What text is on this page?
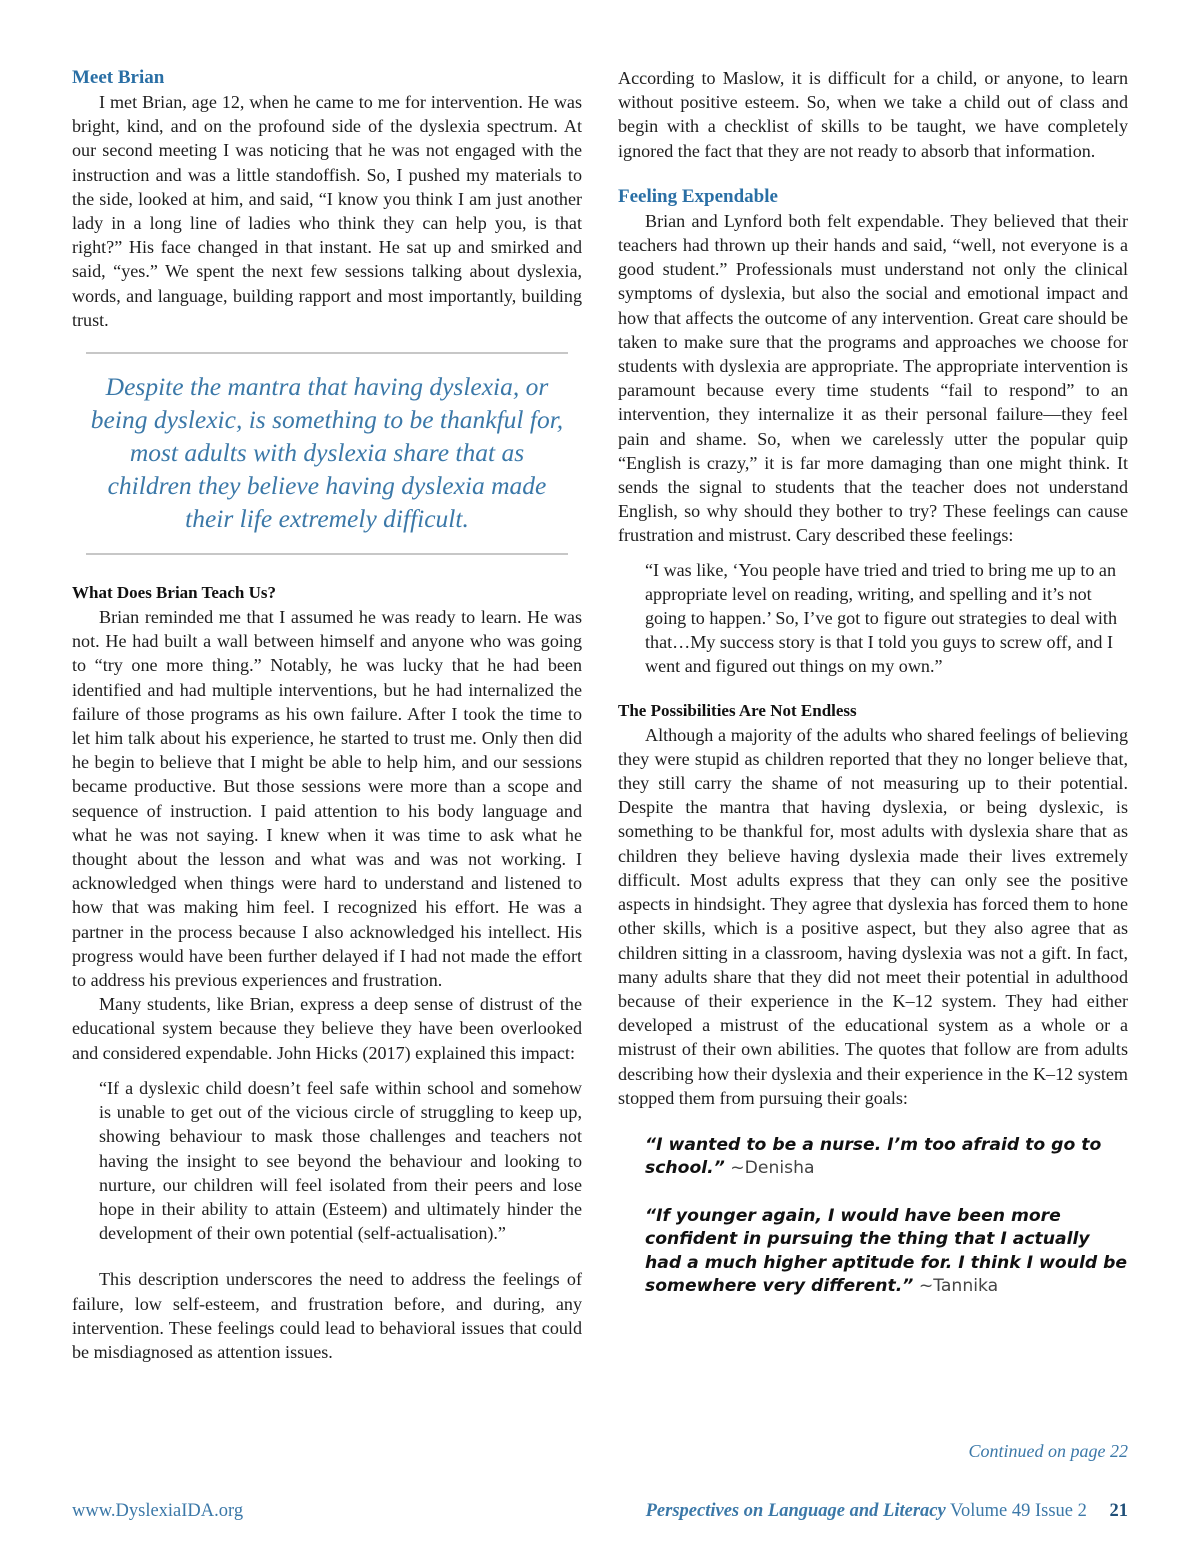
Meet Brian

I met Brian, age 12, when he came to me for intervention. He was bright, kind, and on the profound side of the dyslexia spectrum. At our second meeting I was noticing that he was not engaged with the instruction and was a little standoffish. So, I pushed my materials to the side, looked at him, and said, “I know you think I am just another lady in a long line of ladies who think they can help you, is that right?” His face changed in that instant. He sat up and smirked and said, “yes.” We spent the next few sessions talking about dyslexia, words, and language, building rapport and most importantly, building trust.

Despite the mantra that having dyslexia, or being dyslexic, is something to be thankful for, most adults with dyslexia share that as children they believe having dyslexia made their life extremely difficult.
What Does Brian Teach Us?

Brian reminded me that I assumed he was ready to learn. He was not. He had built a wall between himself and anyone who was going to “try one more thing.” Notably, he was lucky that he had been identified and had multiple interventions, but he had internalized the failure of those programs as his own failure. After I took the time to let him talk about his experience, he started to trust me. Only then did he begin to believe that I might be able to help him, and our sessions became productive. But those sessions were more than a scope and sequence of instruction. I paid attention to his body language and what he was not saying. I knew when it was time to ask what he thought about the lesson and what was and was not working. I acknowledged when things were hard to understand and listened to how that was making him feel. I recognized his effort. He was a partner in the process because I also acknowledged his intellect. His progress would have been further delayed if I had not made the effort to address his previous experiences and frustration.

Many students, like Brian, express a deep sense of distrust of the educational system because they believe they have been overlooked and considered expendable. John Hicks (2017) explained this impact:

“If a dyslexic child doesn’t feel safe within school and somehow is unable to get out of the vicious circle of struggling to keep up, showing behaviour to mask those challenges and teachers not having the insight to see beyond the behaviour and looking to nurture, our children will feel isolated from their peers and lose hope in their ability to attain (Esteem) and ultimately hinder the development of their own potential (self-actualisation).”

This description underscores the need to address the feelings of failure, low self-esteem, and frustration before, and during, any intervention. These feelings could lead to behavioral issues that could be misdiagnosed as attention issues.

According to Maslow, it is difficult for a child, or anyone, to learn without positive esteem. So, when we take a child out of class and begin with a checklist of skills to be taught, we have completely ignored the fact that they are not ready to absorb that information.

Feeling Expendable

Brian and Lynford both felt expendable. They believed that their teachers had thrown up their hands and said, “well, not everyone is a good student.” Professionals must understand not only the clinical symptoms of dyslexia, but also the social and emotional impact and how that affects the outcome of any intervention. Great care should be taken to make sure that the programs and approaches we choose for students with dyslexia are appropriate. The appropriate intervention is paramount because every time students “fail to respond” to an intervention, they internalize it as their personal failure—they feel pain and shame. So, when we carelessly utter the popular quip “English is crazy,” it is far more damaging than one might think. It sends the signal to students that the teacher does not understand English, so why should they bother to try? These feelings can cause frustration and mistrust. Cary described these feelings:

“I was like, ‘You people have tried and tried to bring me up to an appropriate level on reading, writing, and spelling and it’s not going to happen.’ So, I’ve got to figure out strategies to deal with that…My success story is that I told you guys to screw off, and I went and figured out things on my own.”

The Possibilities Are Not Endless

Although a majority of the adults who shared feelings of believing they were stupid as children reported that they no longer believe that, they still carry the shame of not measuring up to their potential. Despite the mantra that having dyslexia, or being dyslexic, is something to be thankful for, most adults with dyslexia share that as children they believe having dyslexia made their lives extremely difficult. Most adults express that they can only see the positive aspects in hindsight. They agree that dyslexia has forced them to hone other skills, which is a positive aspect, but they also agree that as children sitting in a classroom, having dyslexia was not a gift. In fact, many adults share that they did not meet their potential in adulthood because of their experience in the K–12 system. They had either developed a mistrust of the educational system as a whole or a mistrust of their own abilities. The quotes that follow are from adults describing how their dyslexia and their experience in the K–12 system stopped them from pursuing their goals:

“I wanted to be a nurse. I’m too afraid to go to school.” ~Denisha
“If younger again, I would have been more confident in pursuing the thing that I actually had a much higher aptitude for. I think I would be somewhere very different.” ~Tannika
Continued on page 22
www.DyslexiaIDA.org	Perspectives on Language and Literacy Volume 49 Issue 2 21
